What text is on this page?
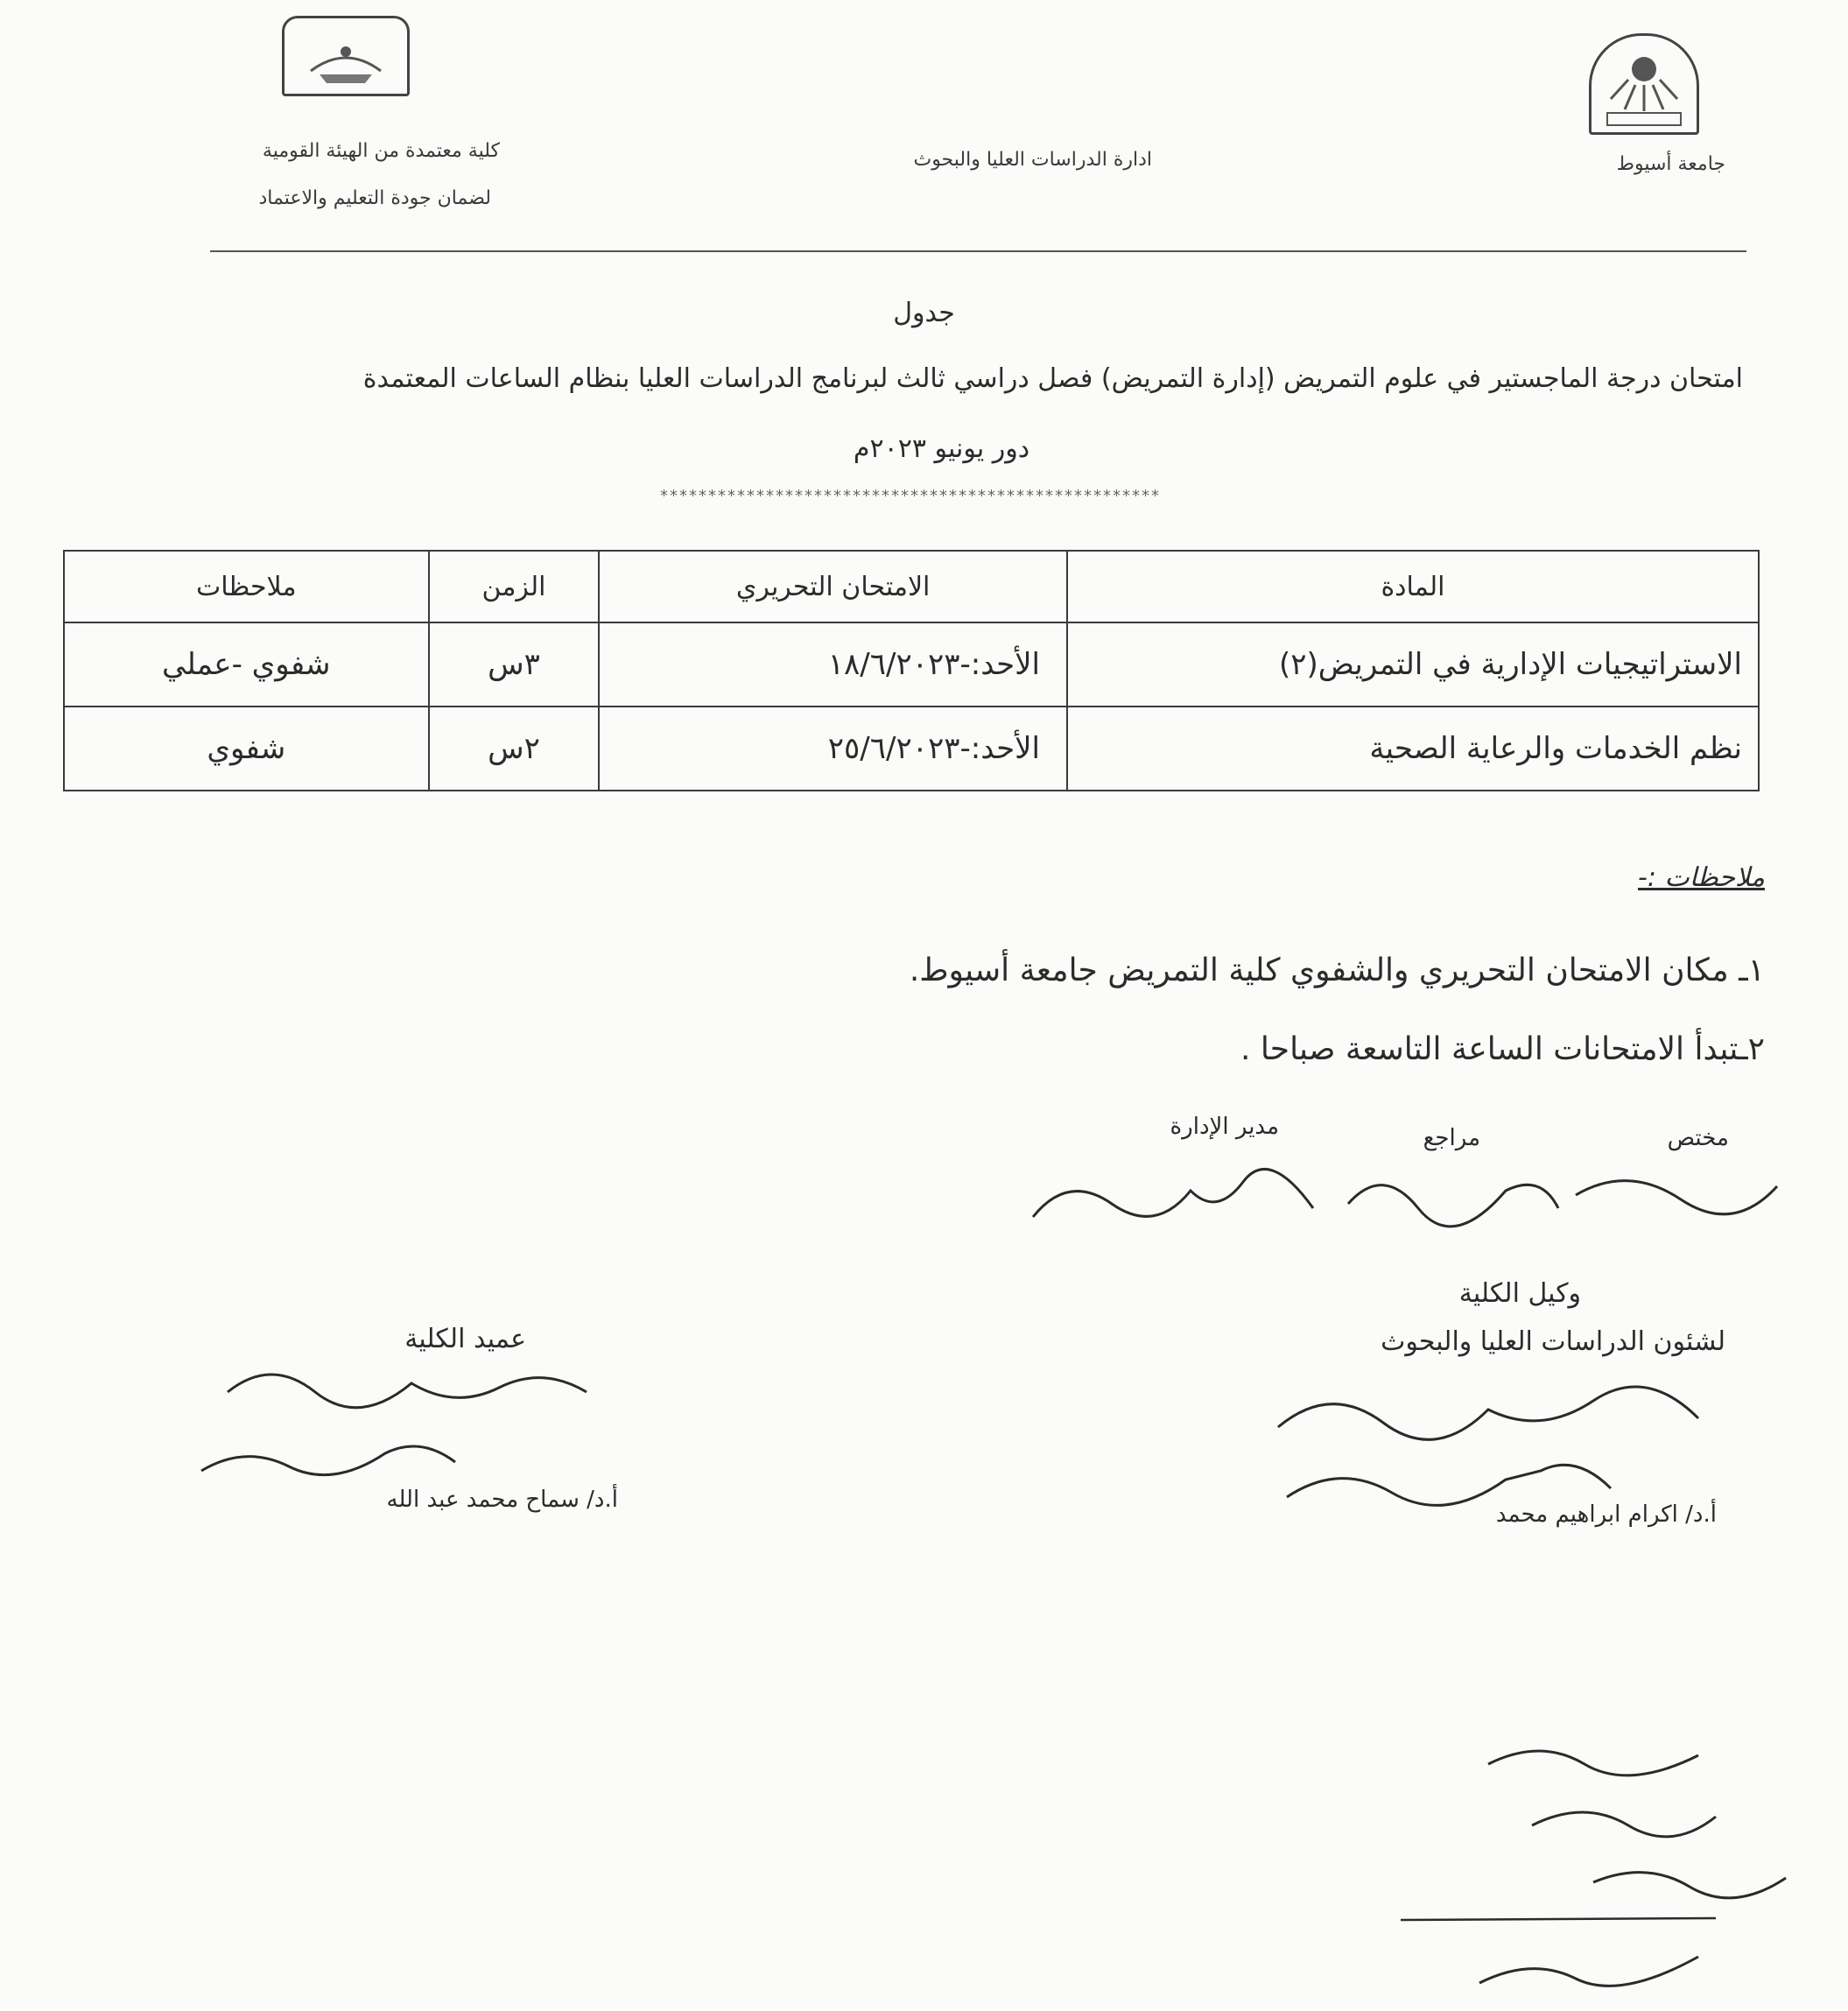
جامعة أسيوط
ادارة الدراسات العليا والبحوث
كلية معتمدة من الهيئة القومية
لضمان جودة التعليم والاعتماد
جدول
امتحان درجة الماجستير في علوم التمريض (إدارة التمريض) فصل دراسي ثالث لبرنامج الدراسات العليا بنظام الساعات المعتمدة
دور يونيو ٢٠٢٣م
****************************************************
المادة	الامتحان التحريري	الزمن	ملاحظات
الاستراتيجيات الإدارية في التمريض(٢)	الأحد:-١٨/٦/٢٠٢٣	٣س	شفوي -عملي
نظم الخدمات والرعاية الصحية	الأحد:-٢٥/٦/٢٠٢٣	٢س	شفوي
ملاحظات :-
١ـ مكان الامتحان التحريري والشفوي كلية التمريض جامعة أسيوط.
٢ـتبدأ الامتحانات الساعة التاسعة صباحا .
مختص
مراجع
مدير الإدارة
وكيل الكلية
لشئون الدراسات العليا والبحوث
أ.د/ اكرام ابراهيم محمد
عميد الكلية
أ.د/ سماح محمد عبد الله
